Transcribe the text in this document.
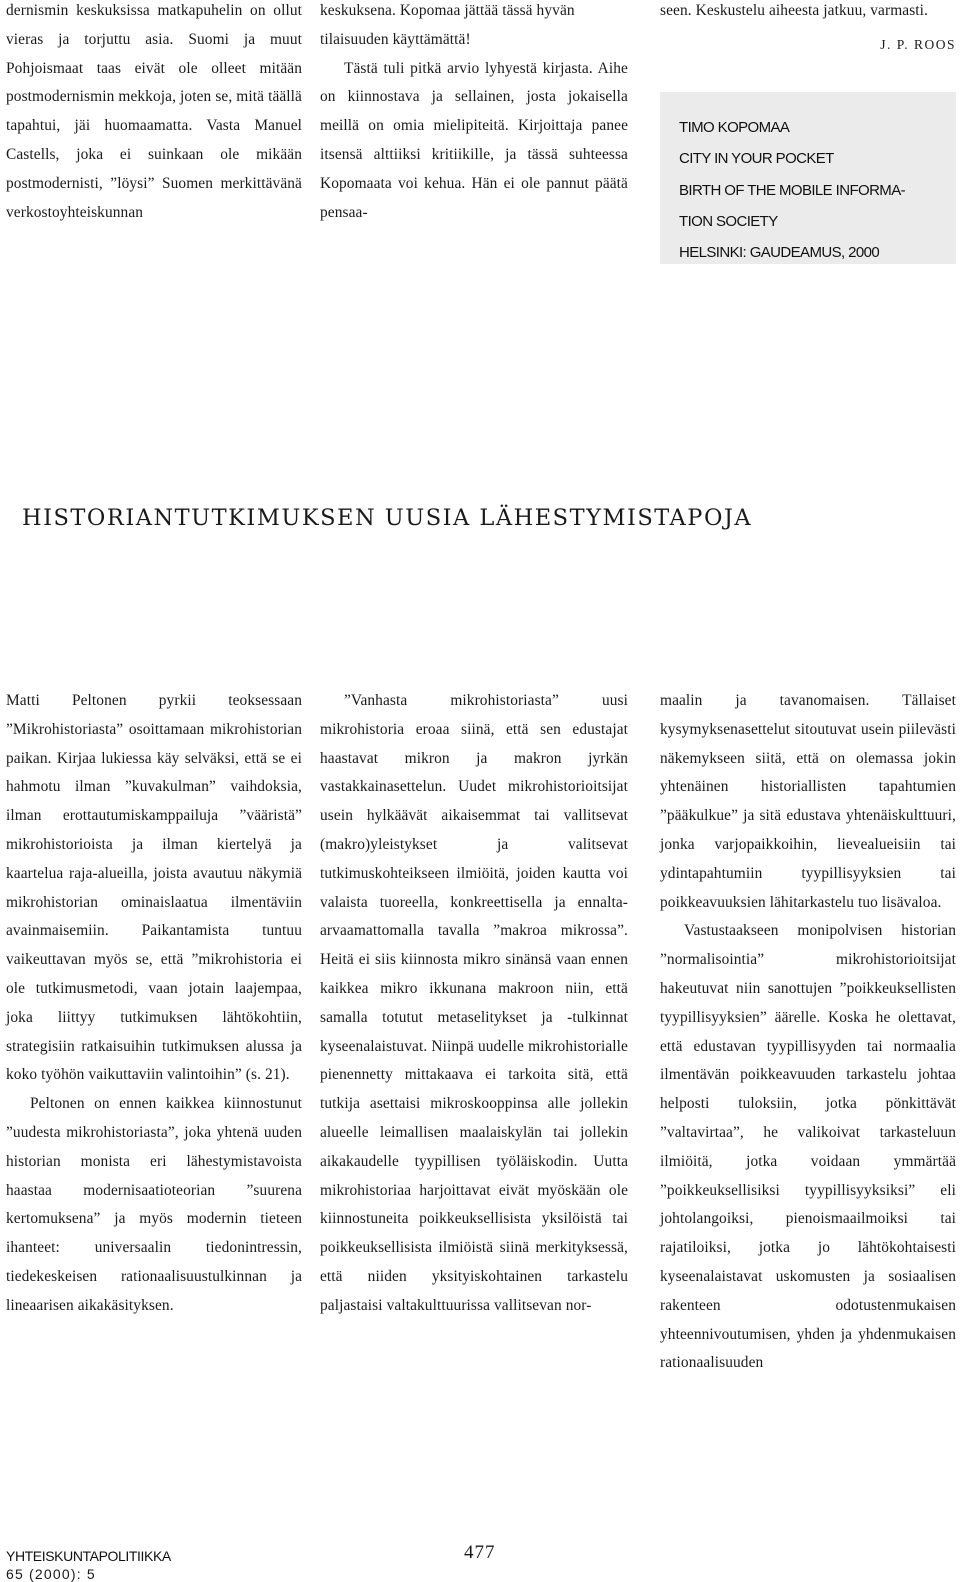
dernismin keskuksissa matkapuhelin on ollut vieras ja torjuttu asia. Suomi ja muut Pohjoismaat taas eivät ole olleet mitään postmodernismin mekkoja, joten se, mitä täällä tapahtui, jäi huomaamatta. Vasta Manuel Castells, joka ei suinkaan ole mikään postmodernisti, ”löysi” Suomen merkittävänä verkostoyhteiskunnan

keskuksena. Kopomaa jättää tässä hyvän tilaisuuden käyttämättä!

Tästä tuli pitkä arvio lyhyestä kirjasta. Aihe on kiinnostava ja sellainen, josta jokaisella meillä on omia mielipiteitä. Kirjoittaja panee itsensä alttiiksi kritiikille, ja tässä suhteessa Kopomaata voi kehua. Hän ei ole pannut päätä pensaa-

seen. Keskustelu aiheesta jatkuu, varmasti.

J. P. ROOS
TIMO KOPOMAA
CITY IN YOUR POCKET
BIRTH OF THE MOBILE INFORMA-
TION SOCIETY
HELSINKI: GAUDEAMUS, 2000
HISTORIANTUTKIMUKSEN UUSIA LÄHESTYMISTAPOJA

Matti Peltonen pyrkii teoksessaan ”Mikrohistoriasta” osoittamaan mikrohistorian paikan. Kirjaa lukiessa käy selväksi, että se ei hahmotu ilman ”kuvakulman” vaihdoksia, ilman erottautumiskamppailuja ”vääristä” mikrohistorioista ja ilman kiertelyä ja kaartelua raja-alueilla, joista avautuu näkymiä mikrohistorian ominaislaatua ilmentäviin avainmaisemiin. Paikantamista tuntuu vaikeuttavan myös se, että ”mikrohistoria ei ole tutkimusmetodi, vaan jotain laajempaa, joka liittyy tutkimuksen lähtökohtiin, strategisiin ratkaisuihin tutkimuksen alussa ja koko työhön vaikuttaviin valintoihin” (s. 21).

Peltonen on ennen kaikkea kiinnostunut ”uudesta mikrohistoriasta”, joka yhtenä uuden historian monista eri lähestymistavoista haastaa modernisaatioteorian ”suurena kertomuksena” ja myös modernin tieteen ihanteet: universaalin tiedonintressin, tiedekeskeisen rationaalisuustulkinnan ja lineaarisen aikakäsityksen.

”Vanhasta mikrohistoriasta” uusi mikrohistoria eroaa siinä, että sen edustajat haastavat mikron ja makron jyrkän vastakkainasettelun. Uudet mikrohistorioitsijat usein hylkäävät aikaisemmat tai vallitsevat (makro)yleistykset ja valitsevat tutkimuskohteikseen ilmiöitä, joiden kautta voi valaista tuoreella, konkreettisella ja ennalta-arvaamattomalla tavalla ”makroa mikrossa”. Heitä ei siis kiinnosta mikro sinänsä vaan ennen kaikkea mikro ikkunana makroon niin, että samalla totutut metaselitykset ja -tulkinnat kyseenalaistuvat. Niinpä uudelle mikrohistorialle pienennetty mittakaava ei tarkoita sitä, että tutkija asettaisi mikroskooppinsa alle jollekin alueelle leimallisen maalaiskylän tai jollekin aikakaudelle tyypillisen työläiskodin. Uutta mikrohistoriaa harjoittavat eivät myöskään ole kiinnostuneita poikkeuksellisista yksilöistä tai poikkeuksellisista ilmiöistä siinä merkityksessä, että niiden yksityiskohtainen tarkastelu paljastaisi valtakulttuurissa vallitsevan nor-

maalin ja tavanomaisen. Tällaiset kysymyksenasettelut sitoutuvat usein piilevästi näkemykseen siitä, että on olemassa jokin yhtenäinen historiallisten tapahtumien ”pääkulkue” ja sitä edustava yhtenäiskulttuuri, jonka varjopaikkoihin, lievealueisiin tai ydintapahtumiin tyypillisyyksien tai poikkeavuuksien lähitarkastelu tuo lisävaloa.

Vastustaakseen monipolvisen historian ”normalisointia” mikrohistorioitsijat hakeutuvat niin sanottujen ”poikkeuksellisten tyypillisyyksien” äärelle. Koska he olettavat, että edustavan tyypillisyyden tai normaalia ilmentävän poikkeavuuden tarkastelu johtaa helposti tuloksiin, jotka pönkittävät ”valtavirtaa”, he valikoivat tarkasteluun ilmiöitä, jotka voidaan ymmärtää ”poikkeuksellisiksi tyypillisyyksiksi” eli johtolangoiksi, pienoismaailmoiksi tai rajatiloiksi, jotka jo lähtökohtaisesti kyseenalaistavat uskomusten ja sosiaalisen rakenteen odotustenmukaisen yhteennivoutumisen, yhden ja yhdenmukaisen rationaalisuuden

YHTEISKUNTAPOLITIIKKA
65 (2000): 5
477
